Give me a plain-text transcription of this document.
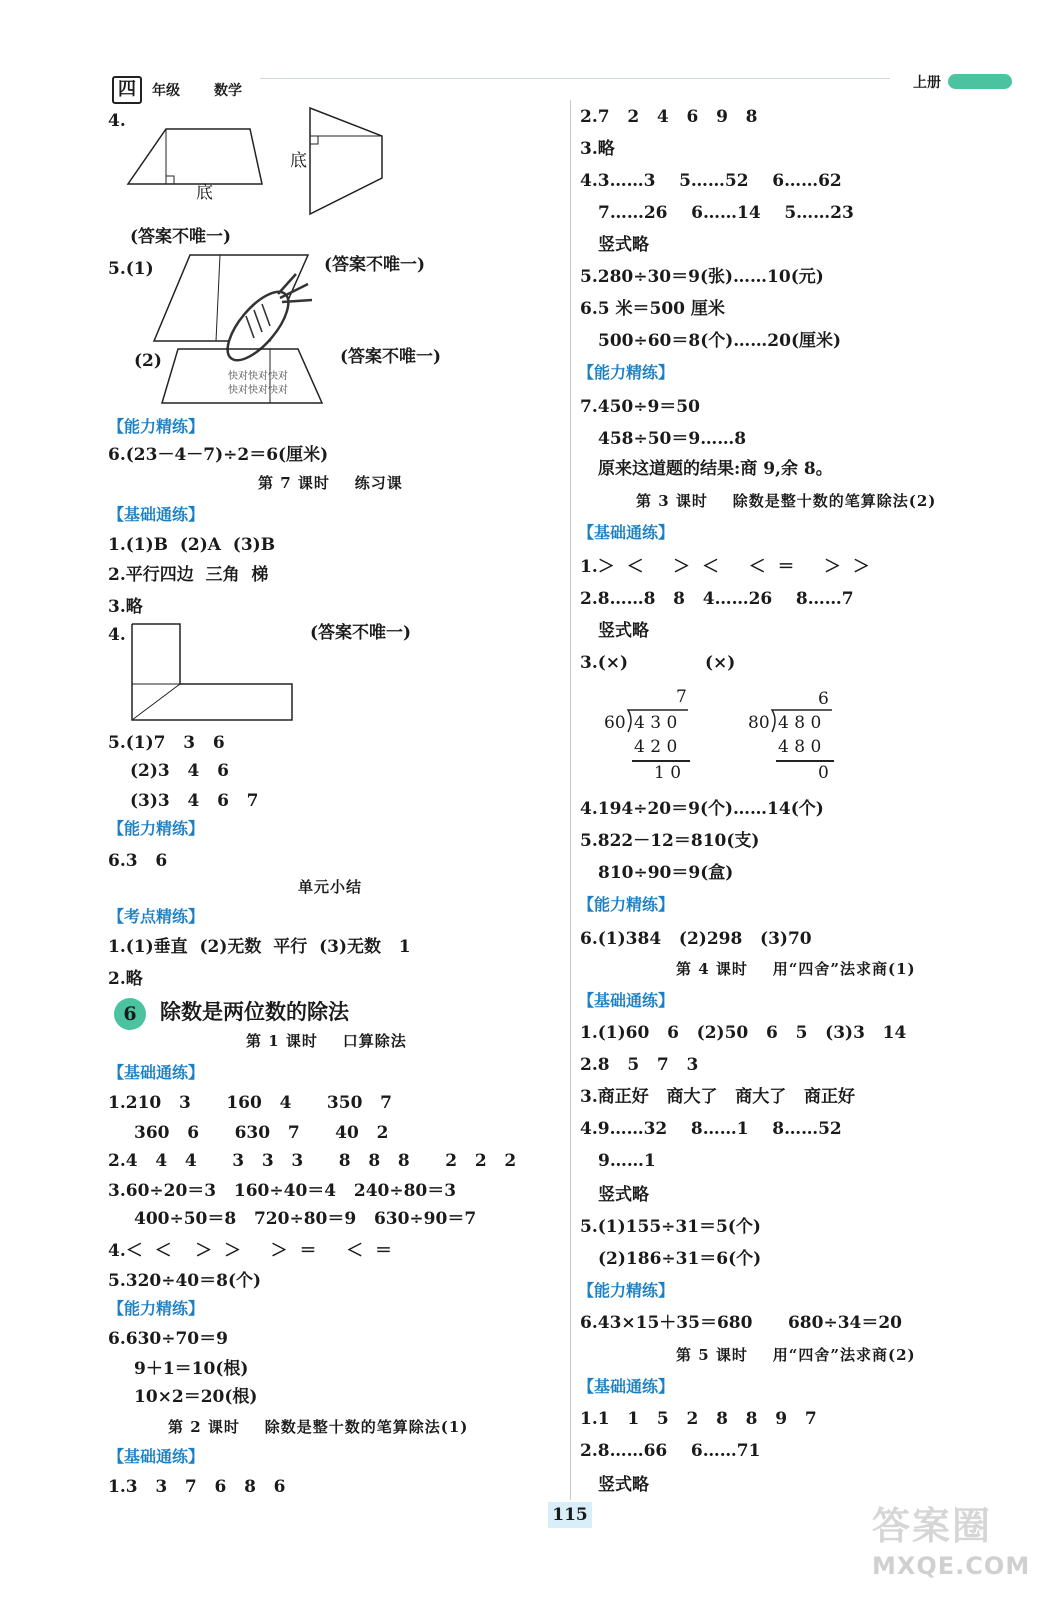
四	年级 数学	上册
4.
底
底
(答案不唯一)
5.(1)	(答案不唯一)
(2)
快对快对快对
快对快对快对
(答案不唯一)
【能力精练】
6.(23－4－7)÷2＝6(厘米)
第 7 课时    练习课
【基础通练】
1.(1)B  (2)A  (3)B
2.平行四边  三角  梯
3.略
4.	(答案不唯一)
5.(1)7   3   6
(2)3   4   6
(3)3   4   6   7
【能力精练】
6.3   6
单元小结
【考点精练】
1.(1)垂直  (2)无数  平行  (3)无数   1
2.略
6	除数是两位数的除法
第 1 课时    口算除法
【基础通练】
1.210   3      160   4      350   7
360   6      630   7      40   2
2.4   4   4      3   3   3      8   8   8      2   2   2
3.60÷20＝3   160÷40＝4   240÷80＝3
400÷50＝8   720÷80＝9   630÷90＝7
4.＜  ＜    ＞  ＞     ＞  ＝     ＜  ＝
5.320÷40＝8(个)
【能力精练】
6.630÷70＝9
9＋1＝10(根)
10×2＝20(根)
第 2 课时    除数是整十数的笔算除法(1)
【基础通练】
1.3   3   7   6   8   6
2.7   2   4   6   9   8
3.略
4.3……3    5……52    6……62
7……26    6……14    5……23
竖式略
5.280÷30＝9(张)……10(元)
6.5 米＝500 厘米
500÷60＝8(个)……20(厘米)
【能力精练】
7.450÷9＝50
458÷50＝9……8
原来这道题的结果:商 9,余 8。
第 3 课时    除数是整十数的笔算除法(2)
【基础通练】
1.＞  ＜     ＞  ＜     ＜  ＝     ＞  ＞
2.8……8   8   4……26    8……7
竖式略
3.(×)             (×)
7
60 4 3 0
4 2 0
1 0
6
80 4 8 0
4 8 0
0
4.194÷20＝9(个)……14(个)
5.822－12＝810(支)
810÷90＝9(盒)
【能力精练】
6.(1)384   (2)298   (3)70
第 4 课时    用“四舍”法求商(1)
【基础通练】
1.(1)60   6   (2)50   6   5   (3)3   14
2.8   5   7   3
3.商正好   商大了   商大了   商正好
4.9……32    8……1    8……52
9……1
竖式略
5.(1)155÷31＝5(个)
(2)186÷31＝6(个)
【能力精练】
6.43×15＋35＝680      680÷34＝20
第 5 课时    用“四舍”法求商(2)
【基础通练】
1.1   1   5   2   8   8   9   7
2.8……66    6……71
竖式略
115	答案圈
MXQE.COM
